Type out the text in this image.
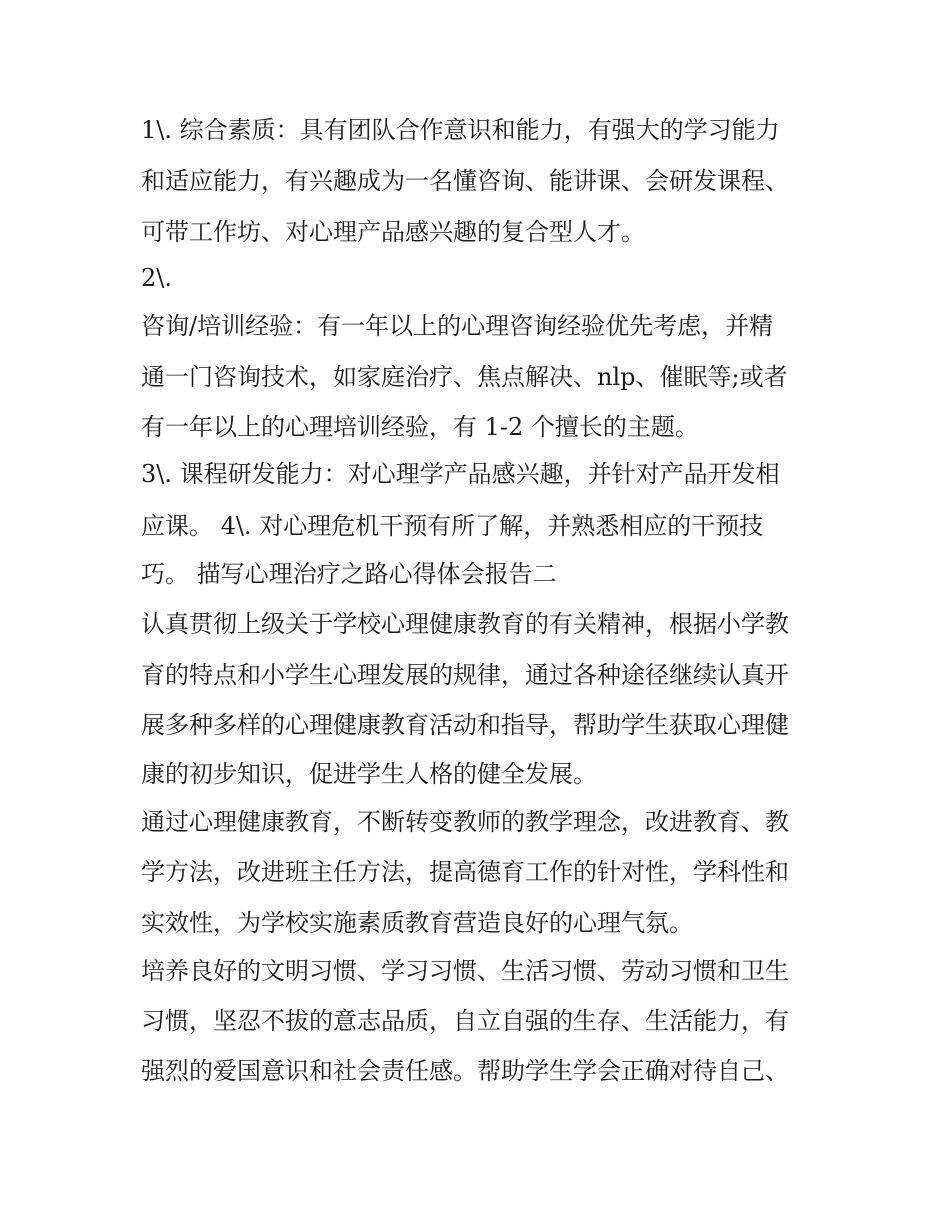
1\. 综合素质：具有团队合作意识和能力，有强大的学习能力
和适应能力，有兴趣成为一名懂咨询、能讲课、会研发课程、
可带工作坊、对心理产品感兴趣的复合型人才。
2\.
咨询/培训经验：有一年以上的心理咨询经验优先考虑，并精
通一门咨询技术，如家庭治疗、焦点解决、nlp、催眠等;或者
有一年以上的心理培训经验，有 1-2 个擅长的主题。
3\. 课程研发能力：对心理学产品感兴趣，并针对产品开发相
应课。 4\. 对心理危机干预有所了解，并熟悉相应的干预技
巧。 描写心理治疗之路心得体会报告二
认真贯彻上级关于学校心理健康教育的有关精神，根据小学教
育的特点和小学生心理发展的规律，通过各种途径继续认真开
展多种多样的心理健康教育活动和指导，帮助学生获取心理健
康的初步知识，促进学生人格的健全发展。
通过心理健康教育，不断转变教师的教学理念，改进教育、教
学方法，改进班主任方法，提高德育工作的针对性，学科性和
实效性，为学校实施素质教育营造良好的心理气氛。
培养良好的文明习惯、学习习惯、生活习惯、劳动习惯和卫生
习惯，坚忍不拔的意志品质，自立自强的生存、生活能力，有
强烈的爱国意识和社会责任感。帮助学生学会正确对待自己、
